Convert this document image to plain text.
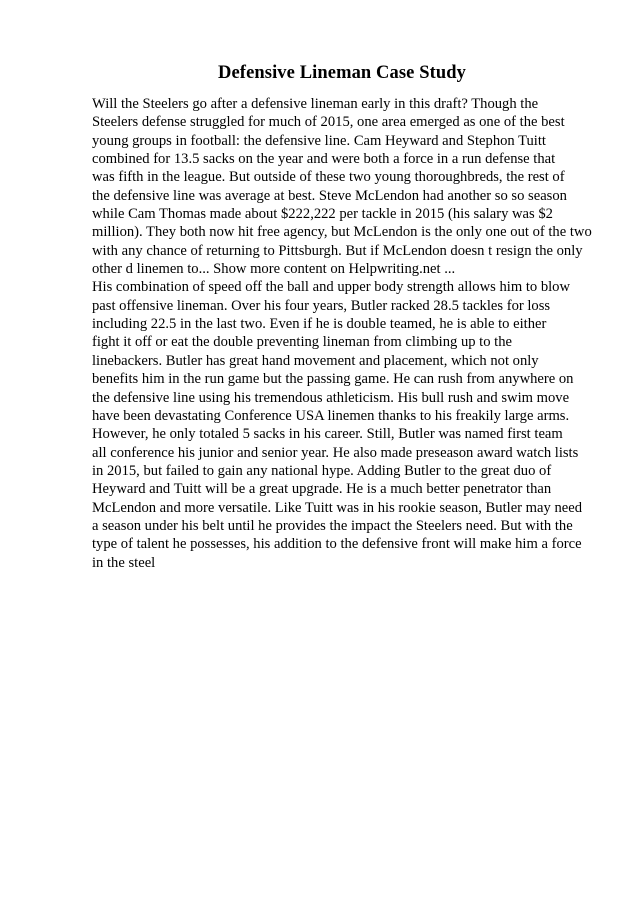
Defensive Lineman Case Study
Will the Steelers go after a defensive lineman early in this draft? Though the
Steelers defense struggled for much of 2015, one area emerged as one of the best
young groups in football: the defensive line. Cam Heyward and Stephon Tuitt
combined for 13.5 sacks on the year and were both a force in a run defense that
was fifth in the league. But outside of these two young thoroughbreds, the rest of
the defensive line was average at best. Steve McLendon had another so so season
while Cam Thomas made about $222,222 per tackle in 2015 (his salary was $2
million). They both now hit free agency, but McLendon is the only one out of the two
with any chance of returning to Pittsburgh. But if McLendon doesn t resign the only
other d linemen to... Show more content on Helpwriting.net ...
His combination of speed off the ball and upper body strength allows him to blow
past offensive lineman. Over his four years, Butler racked 28.5 tackles for loss
including 22.5 in the last two. Even if he is double teamed, he is able to either
fight it off or eat the double preventing lineman from climbing up to the
linebackers. Butler has great hand movement and placement, which not only
benefits him in the run game but the passing game. He can rush from anywhere on
the defensive line using his tremendous athleticism. His bull rush and swim move
have been devastating Conference USA linemen thanks to his freakily large arms.
However, he only totaled 5 sacks in his career. Still, Butler was named first team
all conference his junior and senior year. He also made preseason award watch lists
in 2015, but failed to gain any national hype. Adding Butler to the great duo of
Heyward and Tuitt will be a great upgrade. He is a much better penetrator than
McLendon and more versatile. Like Tuitt was in his rookie season, Butler may need
a season under his belt until he provides the impact the Steelers need. But with the
type of talent he possesses, his addition to the defensive front will make him a force
in the steel
